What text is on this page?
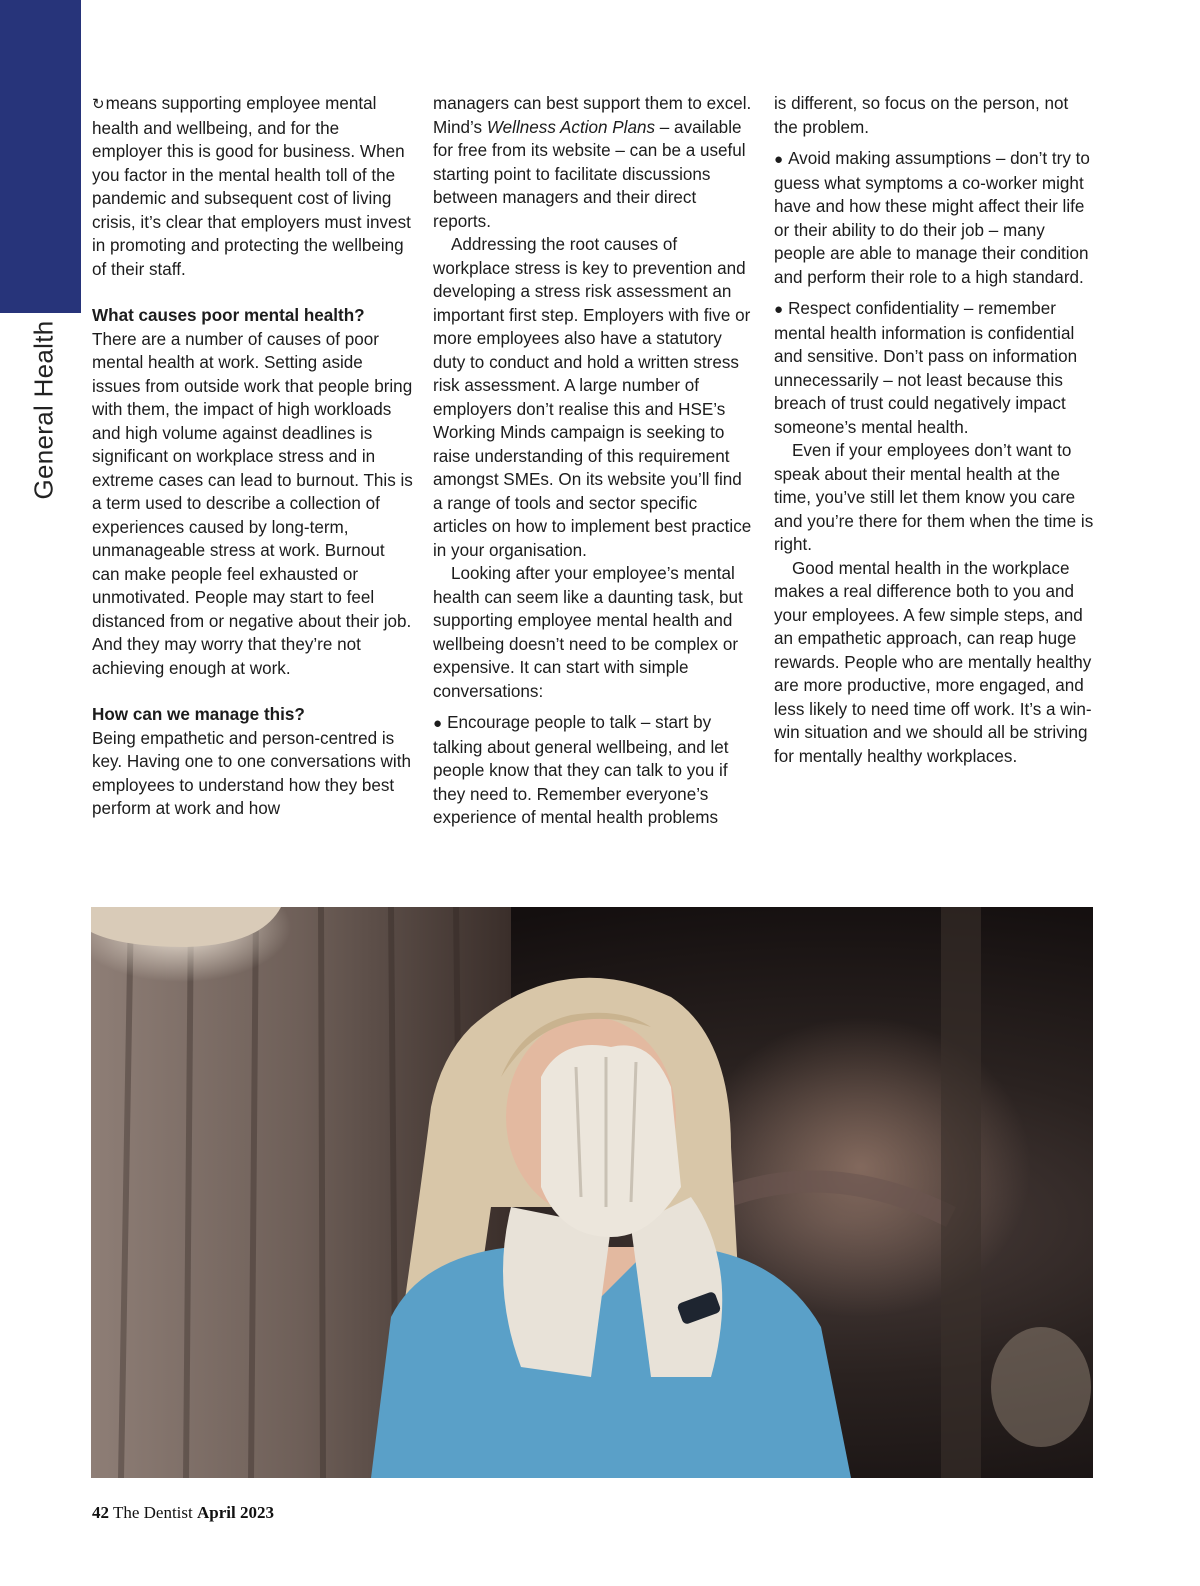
General Health

↻means supporting employee mental health and wellbeing, and for the employer this is good for business. When you factor in the mental health toll of the pandemic and subsequent cost of living crisis, it’s clear that employers must invest in promoting and protecting the wellbeing of their staff.

What causes poor mental health?

There are a number of causes of poor mental health at work. Setting aside issues from outside work that people bring with them, the impact of high workloads and high volume against deadlines is significant on workplace stress and in extreme cases can lead to burnout. This is a term used to describe a collection of experiences caused by long-term, unmanageable stress at work. Burnout can make people feel exhausted or unmotivated. People may start to feel distanced from or negative about their job. And they may worry that they’re not achieving enough at work.

How can we manage this?

Being empathetic and person-centred is key. Having one to one conversations with employees to understand how they best perform at work and how

managers can best support them to excel. Mind’s Wellness Action Plans – available for free from its website – can be a useful starting point to facilitate discussions between managers and their direct reports.

Addressing the root causes of workplace stress is key to prevention and developing a stress risk assessment an important first step. Employers with five or more employees also have a statutory duty to conduct and hold a written stress risk assessment. A large number of employers don’t realise this and HSE’s Working Minds campaign is seeking to raise understanding of this requirement amongst SMEs. On its website you’ll find a range of tools and sector specific articles on how to implement best practice in your organisation.

Looking after your employee’s mental health can seem like a daunting task, but supporting employee mental health and wellbeing doesn’t need to be complex or expensive. It can start with simple conversations:

● Encourage people to talk – start by talking about general wellbeing, and let people know that they can talk to you if they need to. Remember everyone’s experience of mental health problems

is different, so focus on the person, not the problem.

● Avoid making assumptions – don’t try to guess what symptoms a co-worker might have and how these might affect their life or their ability to do their job – many people are able to manage their condition and perform their role to a high standard.

● Respect confidentiality – remember mental health information is confidential and sensitive. Don’t pass on information unnecessarily – not least because this breach of trust could negatively impact someone’s mental health.

Even if your employees don’t want to speak about their mental health at the time, you’ve still let them know you care and you’re there for them when the time is right.

Good mental health in the workplace makes a real difference both to you and your employees. A few simple steps, and an empathetic approach, can reap huge rewards. People who are mentally healthy are more productive, more engaged, and less likely to need time off work. It’s a win-win situation and we should all be striving for mentally healthy workplaces.

42 The Dentist April 2023
